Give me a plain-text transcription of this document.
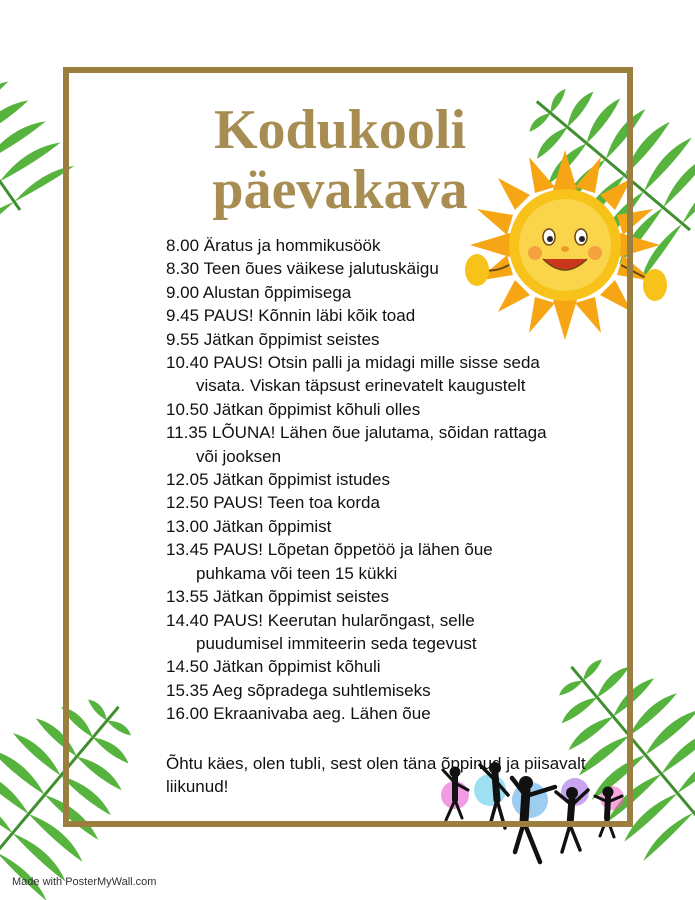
Kodukooli
päevakava
8.00 Äratus ja hommikusöök
8.30 Teen õues väikese jalutuskäigu
9.00 Alustan õppimisega
9.45 PAUS! Kõnnin läbi kõik toad
9.55 Jätkan õppimist seistes
10.40 PAUS! Otsin palli ja midagi mille sisse seda
visata. Viskan täpsust erinevatelt kaugustelt
10.50 Jätkan õppimist kõhuli olles
11.35 LÕUNA! Lähen õue jalutama, sõidan rattaga
või jooksen
12.05 Jätkan õppimist istudes
12.50 PAUS! Teen toa korda
13.00 Jätkan õppimist
13.45 PAUS! Lõpetan õppetöö ja lähen õue
puhkama või teen 15 kükki
13.55 Jätkan õppimist seistes
14.40 PAUS! Keerutan hularõngast, selle
puudumisel immiteerin seda tegevust
14.50 Jätkan õppimist kõhuli
15.35 Aeg sõpradega suhtlemiseks
16.00 Ekraanivaba aeg. Lähen õue
Õhtu käes, olen tubli, sest olen täna õppinud ja piisavalt liikunud!
Made with PosterMyWall.com
